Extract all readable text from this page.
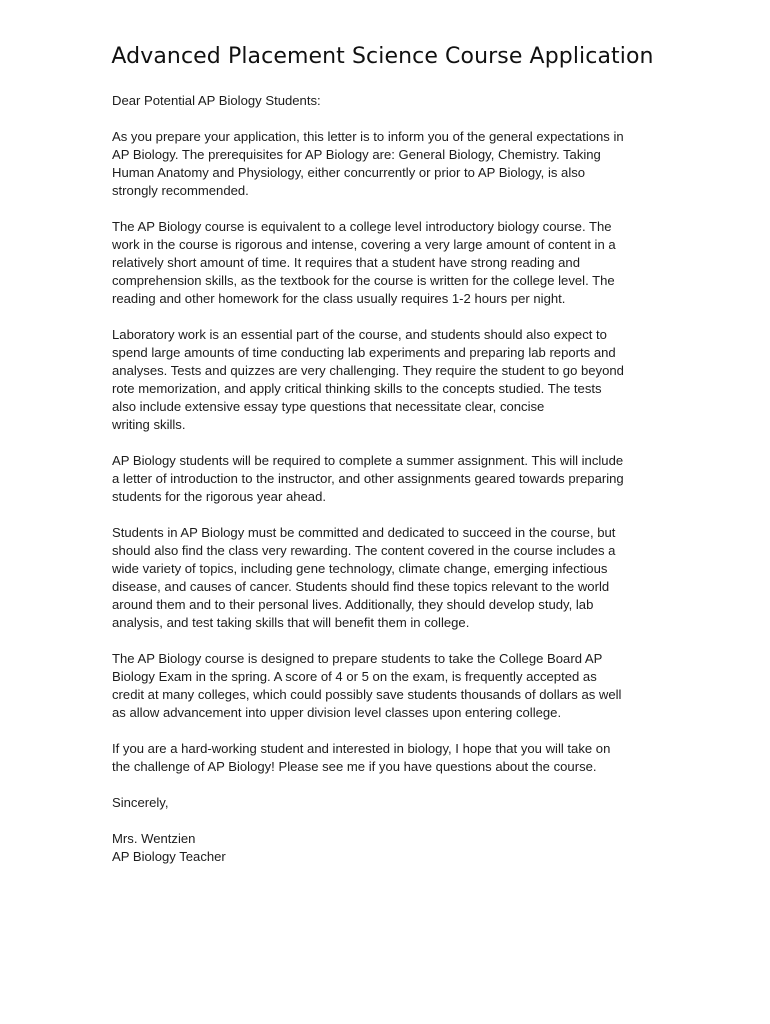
Advanced Placement Science Course Application

Dear Potential AP Biology Students:

As you prepare your application, this letter is to inform you of the general expectations in
AP Biology. The prerequisites for AP Biology are: General Biology, Chemistry. Taking
Human Anatomy and Physiology, either concurrently or prior to AP Biology, is also
strongly recommended.

The AP Biology course is equivalent to a college level introductory biology course. The
work in the course is rigorous and intense, covering a very large amount of content in a
relatively short amount of time. It requires that a student have strong reading and
comprehension skills, as the textbook for the course is written for the college level. The
reading and other homework for the class usually requires 1-2 hours per night.

Laboratory work is an essential part of the course, and students should also expect to
spend large amounts of time conducting lab experiments and preparing lab reports and
analyses. Tests and quizzes are very challenging. They require the student to go beyond
rote memorization, and apply critical thinking skills to the concepts studied. The tests
also include extensive essay type questions that necessitate clear, concise
writing skills.

AP Biology students will be required to complete a summer assignment. This will include
a letter of introduction to the instructor, and other assignments geared towards preparing
students for the rigorous year ahead.

Students in AP Biology must be committed and dedicated to succeed in the course, but
should also find the class very rewarding. The content covered in the course includes a
wide variety of topics, including gene technology, climate change, emerging infectious
disease, and causes of cancer. Students should find these topics relevant to the world
around them and to their personal lives. Additionally, they should develop study, lab
analysis, and test taking skills that will benefit them in college.

The AP Biology course is designed to prepare students to take the College Board AP
Biology Exam in the spring. A score of 4 or 5 on the exam, is frequently accepted as
credit at many colleges, which could possibly save students thousands of dollars as well
as allow advancement into upper division level classes upon entering college.

If you are a hard-working student and interested in biology, I hope that you will take on
the challenge of AP Biology! Please see me if you have questions about the course.

Sincerely,

Mrs. Wentzien

AP Biology Teacher
